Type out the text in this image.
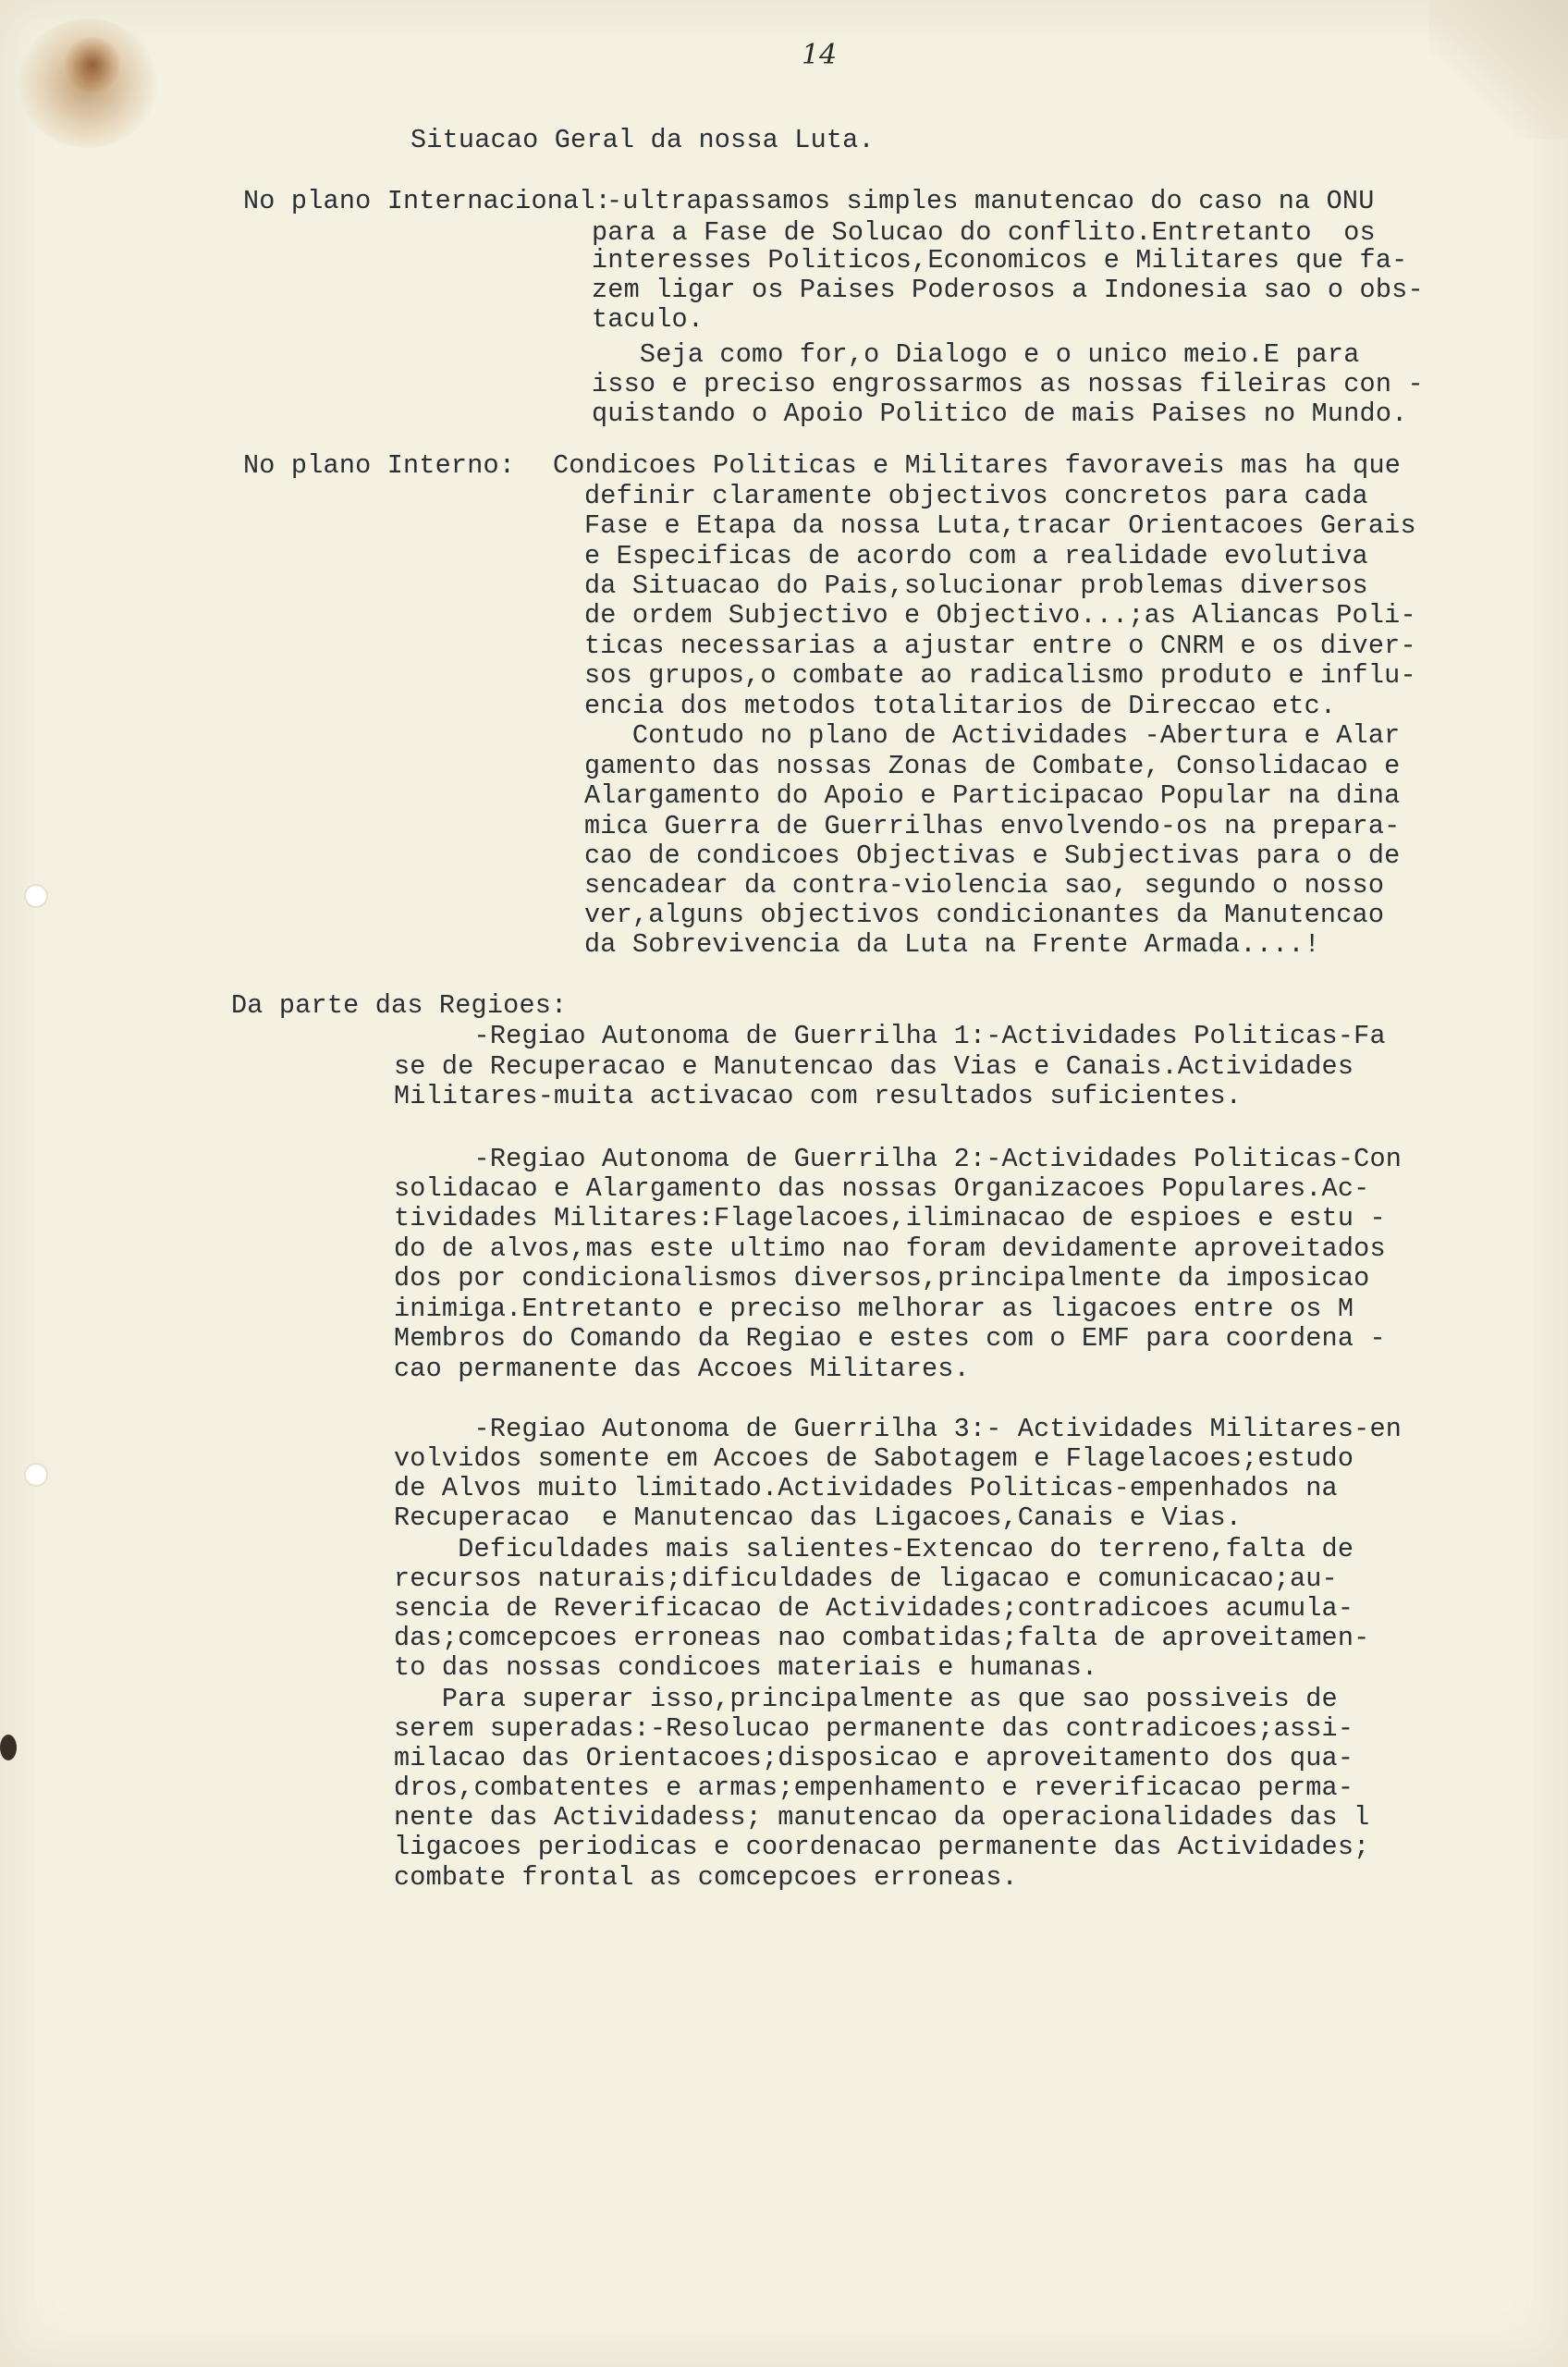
14

Situacao Geral da nossa Luta.

No plano Internacional:

-ultrapassamos simples manutencao do caso na ONU

para a Fase de Solucao do conflito.Entretanto  os

interesses Politicos,Economicos e Militares que fa-

zem ligar os Paises Poderosos a Indonesia sao o obs-

taculo.

Seja como for,o Dialogo e o unico meio.E para

isso e preciso engrossarmos as nossas fileiras con -

quistando o Apoio Politico de mais Paises no Mundo.

No plano Interno: Condicoes Politicas e Militares favoraveis mas ha que

definir claramente objectivos concretos para cada

Fase e Etapa da nossa Luta,tracar Orientacoes Gerais

e Especificas de acordo com a realidade evolutiva

da Situacao do Pais,solucionar problemas diversos

de ordem Subjectivo e Objectivo...;as Aliancas Poli-

ticas necessarias a ajustar entre o CNRM e os diver-

sos grupos,o combate ao radicalismo produto e influ-

encia dos metodos totalitarios de Direccao etc.

Contudo no plano de Actividades -Abertura e Alar

gamento das nossas Zonas de Combate, Consolidacao e

Alargamento do Apoio e Participacao Popular na dina

mica Guerra de Guerrilhas envolvendo-os na prepara-

cao de condicoes Objectivas e Subjectivas para o de

sencadear da contra-violencia sao, segundo o nosso

ver,alguns objectivos condicionantes da Manutencao

da Sobrevivencia da Luta na Frente Armada....!

Da parte das Regioes:

-Regiao Autonoma de Guerrilha 1:-Actividades Politicas-Fa

se de Recuperacao e Manutencao das Vias e Canais.Actividades

Militares-muita activacao com resultados suficientes.

-Regiao Autonoma de Guerrilha 2:-Actividades Politicas-Con

solidacao e Alargamento das nossas Organizacoes Populares.Ac-

tividades Militares:Flagelacoes,iliminacao de espioes e estu -

do de alvos,mas este ultimo nao foram devidamente aproveitados

dos por condicionalismos diversos,principalmente da imposicao

inimiga.Entretanto e preciso melhorar as ligacoes entre os M

Membros do Comando da Regiao e estes com o EMF para coordena -

cao permanente das Accoes Militares.

-Regiao Autonoma de Guerrilha 3:- Actividades Militares-en

volvidos somente em Accoes de Sabotagem e Flagelacoes;estudo

de Alvos muito limitado.Actividades Politicas-empenhados na

Recuperacao  e Manutencao das Ligacoes,Canais e Vias.

Deficuldades mais salientes-Extencao do terreno,falta de

recursos naturais;dificuldades de ligacao e comunicacao;au-

sencia de Reverificacao de Actividades;contradicoes acumula-

das;comcepcoes erroneas nao combatidas;falta de aproveitamen-

to das nossas condicoes materiais e humanas.

Para superar isso,principalmente as que sao possiveis de

serem superadas:-Resolucao permanente das contradicoes;assi-

milacao das Orientacoes;disposicao e aproveitamento dos qua-

dros,combatentes e armas;empenhamento e reverificacao perma-

nente das Actividadess; manutencao da operacionalidades das l

ligacoes periodicas e coordenacao permanente das Actividades;

combate frontal as comcepcoes erroneas.
